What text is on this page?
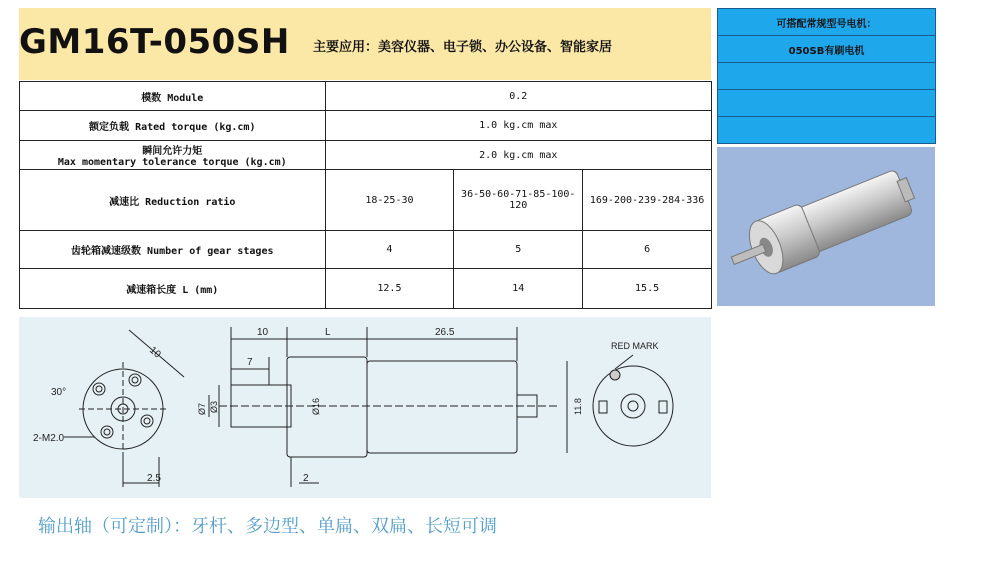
GM16T-050SH 主要应用：美容仪器、电子锁、办公设备、智能家居
模数 Module	0.2		
额定负载 Rated torque (kg.cm)	1.0 kg.cm max		

瞬间允许力矩
Max momentary tolerance torque (kg.cm)	2.0 kg.cm max		
减速比 Reduction ratio	18-25-30	36-50-60-71-85-100-120	169-200-239-284-336
齿轮箱减速级数 Number of gear stages	4	5	6
减速箱长度 L (mm)	12.5	14	15.5
可搭配常规型号电机：
050SB有刷电机

10
30°
2-M2.0
2.5
10
7
L	26.5
Ø7 Ø3	Ø16	11.8
2
RED MARK
输出轴（可定制）：牙杆、多边型、单扁、双扁、长短可调
